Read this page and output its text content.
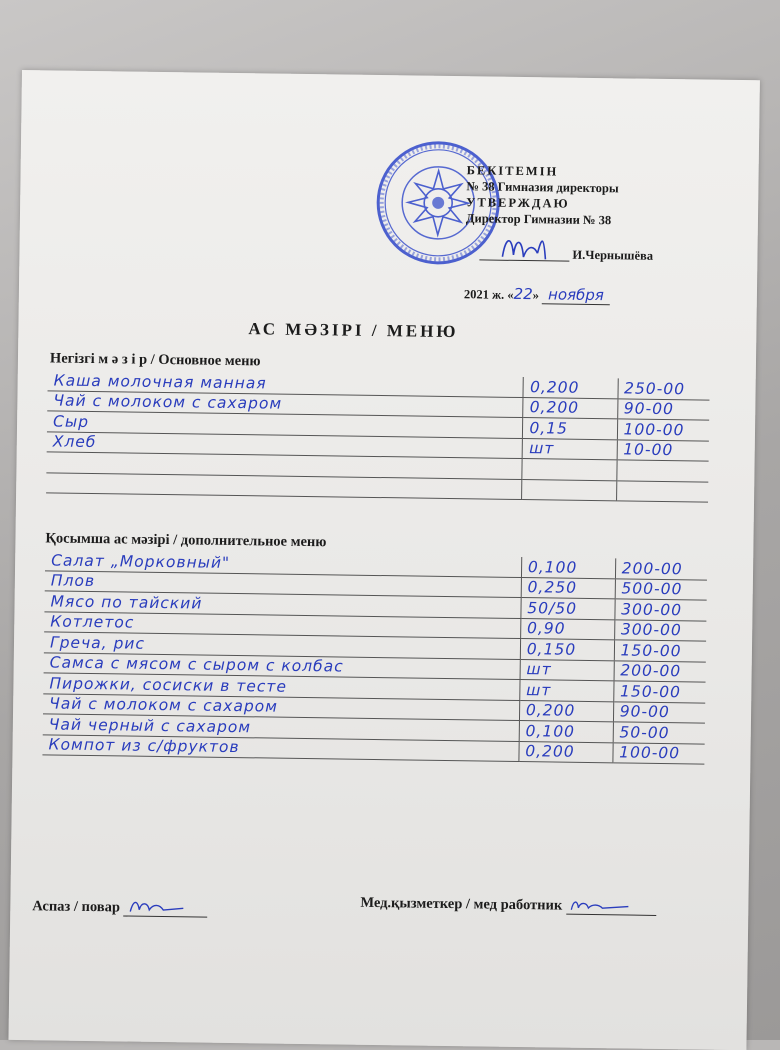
БЕКІТЕМІН
№ 38 Гимназия директоры
УТВЕРЖДАЮ
Директор Гимназии № 38
И.Чернышёва
2021 ж. «22» ноября
АС МӘЗІРІ / МЕНЮ
Негізгі м ә з і р / Основное меню
Каша молочная манная	0,200	250-00
Чай с молоком с сахаром	0,200	90-00
Сыр	0,15	100-00
Хлеб	шт	10-00

Қосымша ас мәзірі / дополнительное меню
Салат „Морковный"	0,100	200-00
Плов	0,250	500-00
Мясо по тайский	50/50	300-00
Котлетос	0,90	300-00
Греча, рис	0,150	150-00
Самса с мясом с сыром с колбас	шт	200-00
Пирожки, сосиски в тесте	шт	150-00
Чай с молоком с сахаром	0,200	90-00
Чай черный с сахаром	0,100	50-00
Компот из с/фруктов	0,200	100-00
Аспаз / повар	Мед.қызметкер / мед работник
